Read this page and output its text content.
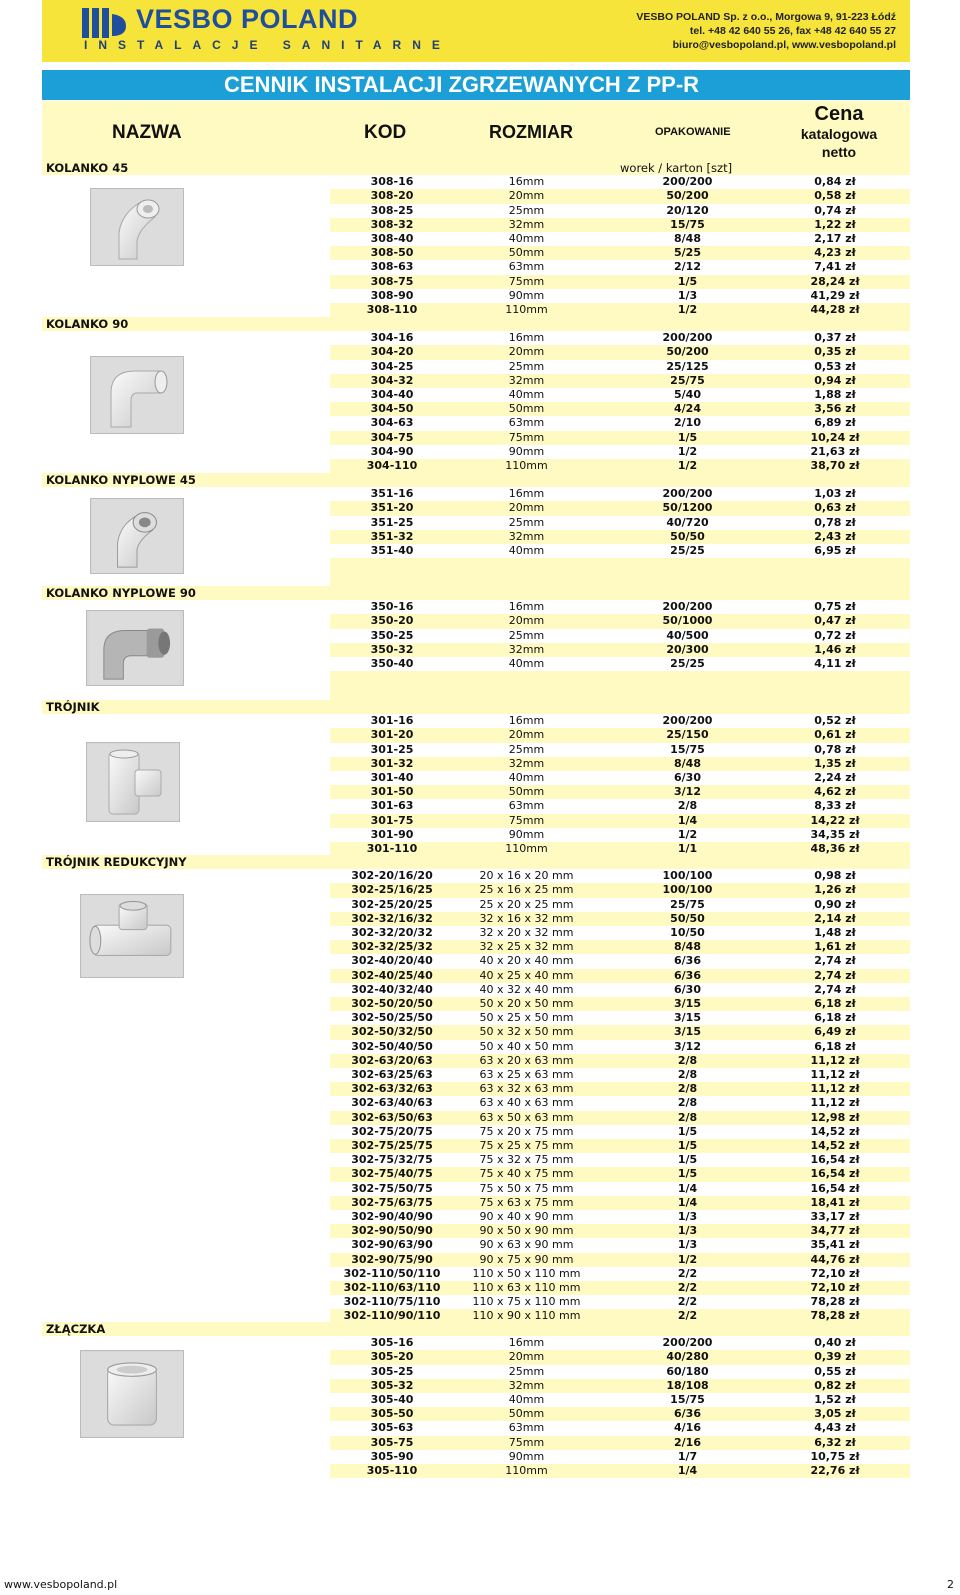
VESBO POLAND
INSTALACJE SANITARNE
VESBO POLAND Sp. z o.o., Morgowa 9, 91-223 Łódź
tel. +48 42 640 55 26, fax +48 42 640 55 27
biuro@vesbopoland.pl, www.vesbopoland.pl
CENNIK INSTALACJI ZGRZEWANYCH Z PP-R
NAZWA	KOD	ROZMIAR	OPAKOWANIE
Cena
katalogowa
netto
KOLANKO 45	worek / karton [szt]
308-16	16mm	200/200	0,84 zł
308-20	20mm	50/200	0,58 zł
308-25	25mm	20/120	0,74 zł
308-32	32mm	15/75	1,22 zł
308-40	40mm	8/48	2,17 zł
308-50	50mm	5/25	4,23 zł
308-63	63mm	2/12	7,41 zł
308-75	75mm	1/5	28,24 zł
308-90	90mm	1/3	41,29 zł
308-110	110mm	1/2	44,28 zł
KOLANKO 90
304-16	16mm	200/200	0,37 zł
304-20	20mm	50/200	0,35 zł
304-25	25mm	25/125	0,53 zł
304-32	32mm	25/75	0,94 zł
304-40	40mm	5/40	1,88 zł
304-50	50mm	4/24	3,56 zł
304-63	63mm	2/10	6,89 zł
304-75	75mm	1/5	10,24 zł
304-90	90mm	1/2	21,63 zł
304-110	110mm	1/2	38,70 zł
KOLANKO NYPLOWE 45
351-16	16mm	200/200	1,03 zł
351-20	20mm	50/1200	0,63 zł
351-25	25mm	40/720	0,78 zł
351-32	32mm	50/50	2,43 zł
351-40	40mm	25/25	6,95 zł
KOLANKO NYPLOWE 90
350-16	16mm	200/200	0,75 zł
350-20	20mm	50/1000	0,47 zł
350-25	25mm	40/500	0,72 zł
350-32	32mm	20/300	1,46 zł
350-40	40mm	25/25	4,11 zł
TRÓJNIK
301-16	16mm	200/200	0,52 zł
301-20	20mm	25/150	0,61 zł
301-25	25mm	15/75	0,78 zł
301-32	32mm	8/48	1,35 zł
301-40	40mm	6/30	2,24 zł
301-50	50mm	3/12	4,62 zł
301-63	63mm	2/8	8,33 zł
301-75	75mm	1/4	14,22 zł
301-90	90mm	1/2	34,35 zł
301-110	110mm	1/1	48,36 zł
TRÓJNIK REDUKCYJNY
302-20/16/20	20 x 16 x 20 mm	100/100	0,98 zł
302-25/16/25	25 x 16 x 25 mm	100/100	1,26 zł
302-25/20/25	25 x 20 x 25 mm	25/75	0,90 zł
302-32/16/32	32 x 16 x 32 mm	50/50	2,14 zł
302-32/20/32	32 x 20 x 32 mm	10/50	1,48 zł
302-32/25/32	32 x 25 x 32 mm	8/48	1,61 zł
302-40/20/40	40 x 20 x 40 mm	6/36	2,74 zł
302-40/25/40	40 x 25 x 40 mm	6/36	2,74 zł
302-40/32/40	40 x 32 x 40 mm	6/30	2,74 zł
302-50/20/50	50 x 20 x 50 mm	3/15	6,18 zł
302-50/25/50	50 x 25 x 50 mm	3/15	6,18 zł
302-50/32/50	50 x 32 x 50 mm	3/15	6,49 zł
302-50/40/50	50 x 40 x 50 mm	3/12	6,18 zł
302-63/20/63	63 x 20 x 63 mm	2/8	11,12 zł
302-63/25/63	63 x 25 x 63 mm	2/8	11,12 zł
302-63/32/63	63 x 32 x 63 mm	2/8	11,12 zł
302-63/40/63	63 x 40 x 63 mm	2/8	11,12 zł
302-63/50/63	63 x 50 x 63 mm	2/8	12,98 zł
302-75/20/75	75 x 20 x 75 mm	1/5	14,52 zł
302-75/25/75	75 x 25 x 75 mm	1/5	14,52 zł
302-75/32/75	75 x 32 x 75 mm	1/5	16,54 zł
302-75/40/75	75 x 40 x 75 mm	1/5	16,54 zł
302-75/50/75	75 x 50 x 75 mm	1/4	16,54 zł
302-75/63/75	75 x 63 x 75 mm	1/4	18,41 zł
302-90/40/90	90 x 40 x 90 mm	1/3	33,17 zł
302-90/50/90	90 x 50 x 90 mm	1/3	34,77 zł
302-90/63/90	90 x 63 x 90 mm	1/3	35,41 zł
302-90/75/90	90 x 75 x 90 mm	1/2	44,76 zł
302-110/50/110	110 x 50 x 110 mm	2/2	72,10 zł
302-110/63/110	110 x 63 x 110 mm	2/2	72,10 zł
302-110/75/110	110 x 75 x 110 mm	2/2	78,28 zł
302-110/90/110	110 x 90 x 110 mm	2/2	78,28 zł
ZŁĄCZKA
305-16	16mm	200/200	0,40 zł
305-20	20mm	40/280	0,39 zł
305-25	25mm	60/180	0,55 zł
305-32	32mm	18/108	0,82 zł
305-40	40mm	15/75	1,52 zł
305-50	50mm	6/36	3,05 zł
305-63	63mm	4/16	4,43 zł
305-75	75mm	2/16	6,32 zł
305-90	90mm	1/7	10,75 zł
305-110	110mm	1/4	22,76 zł
www.vesbopoland.pl	2
